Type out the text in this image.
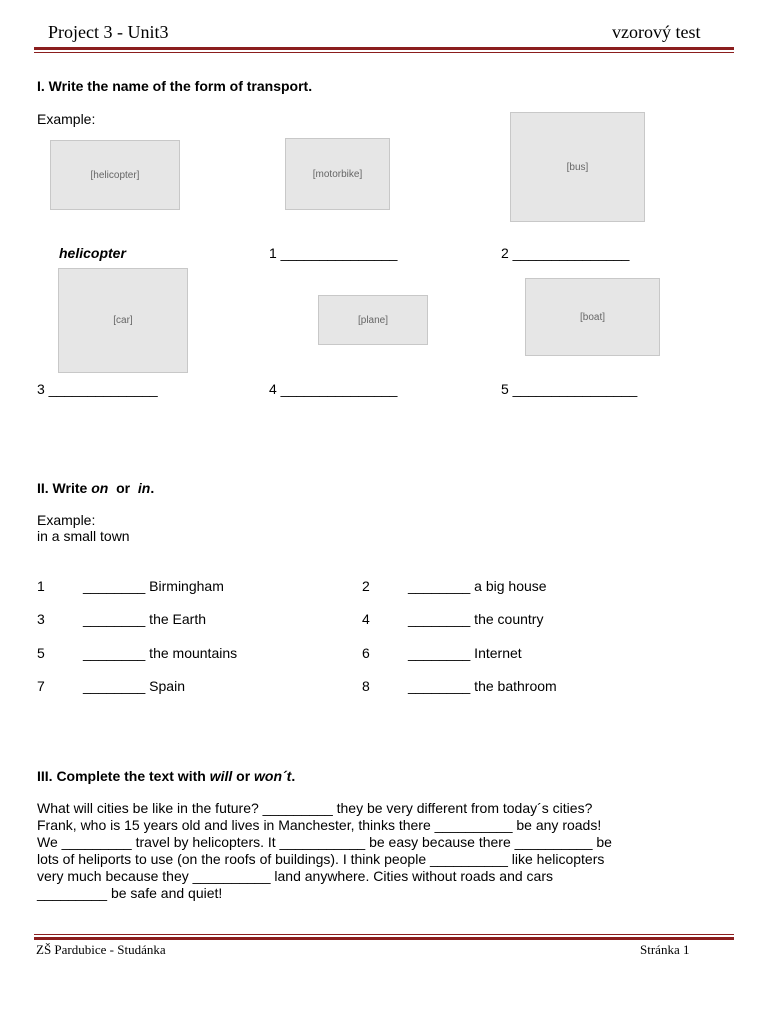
Project 3 - Unit3	vzorový test
I. Write the name of the form of transport.
Example:
[helicopter]	[motorbike]
[bus]
helicopter	1 _______________	2 _______________
[car]	[plane]	[boat]
3 ______________	4 _______________	5 ________________
II. Write on  or  in.
Example:
in a small town
1	________ Birmingham	2	________ a big house
3	________ the Earth	4	________ the country
5	________ the mountains	6	________ Internet
7	________ Spain	8	________ the bathroom
III. Complete the text with will or won´t.
What will cities be like in the future? _________ they be very different from today´s cities?
Frank, who is 15 years old and lives in Manchester, thinks there __________ be any roads!
We _________ travel by helicopters. It ___________ be easy because there __________ be
lots of heliports to use (on the roofs of buildings). I think people __________ like helicopters
very much because they __________ land anywhere. Cities without roads and cars
_________ be safe and quiet!
ZŠ Pardubice - Studánka	Stránka 1
